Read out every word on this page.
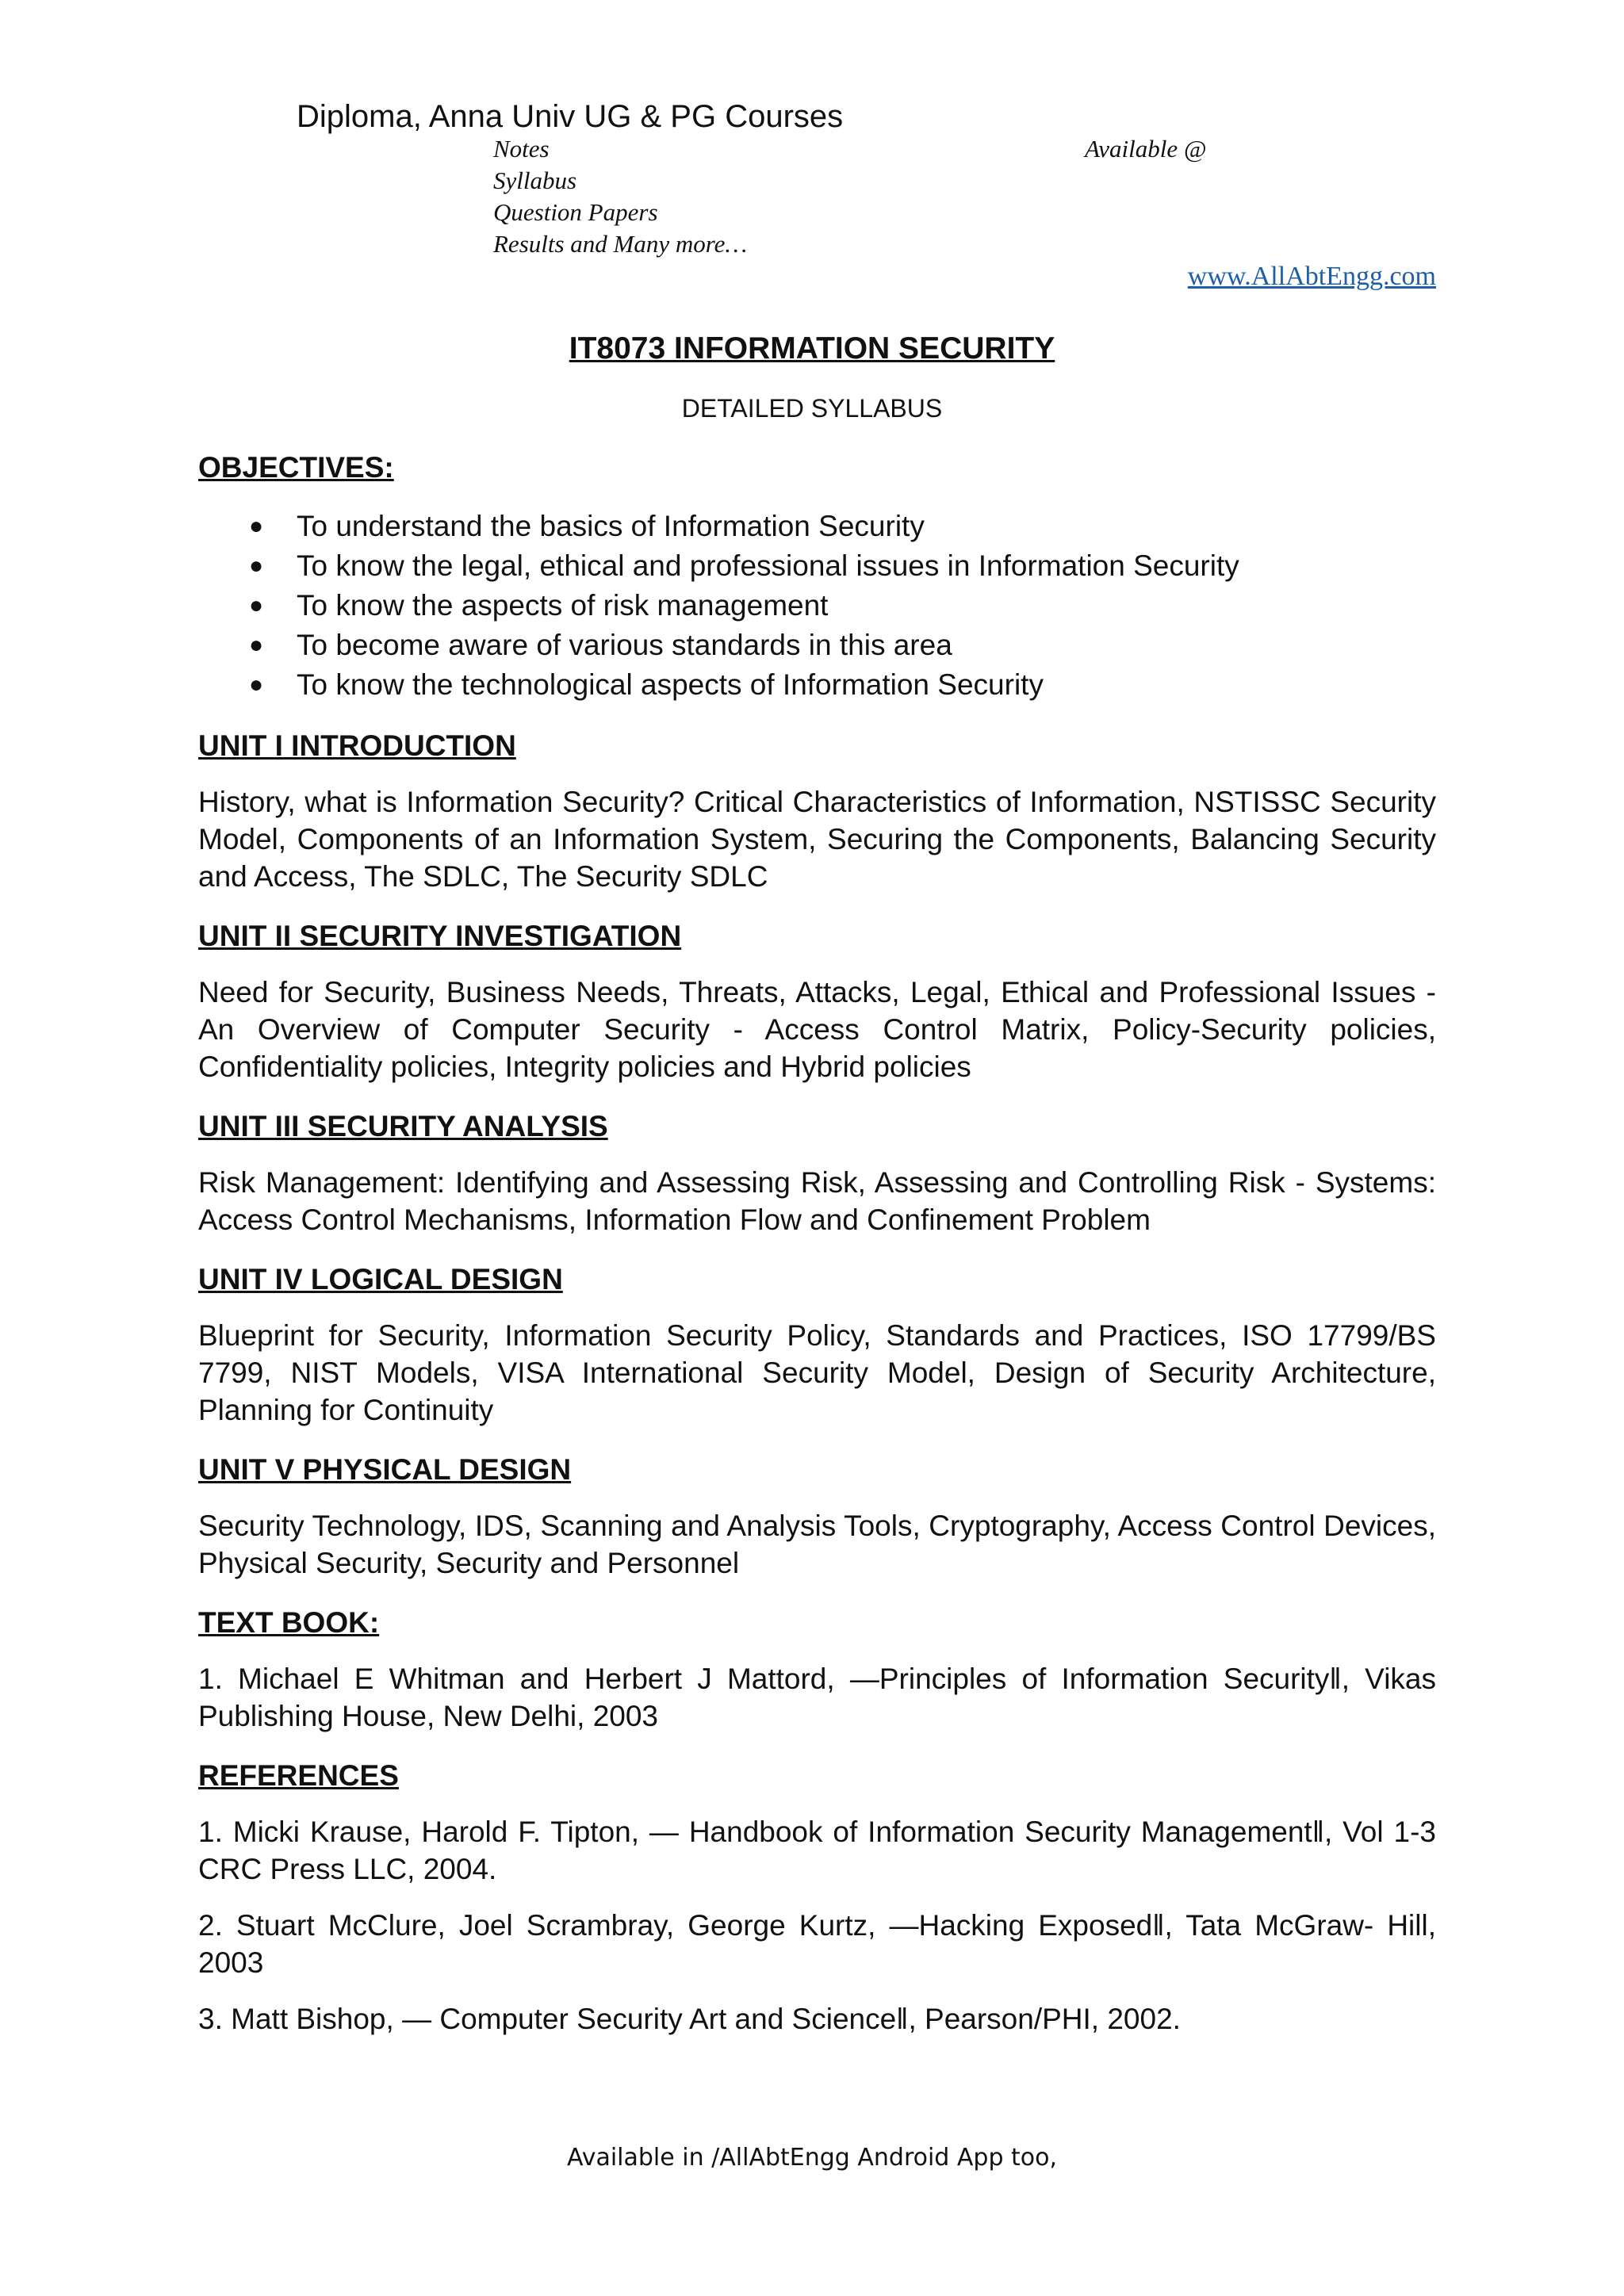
Diploma, Anna Univ UG & PG Courses
Notes
Syllabus
Question Papers
Results and Many more…
Available @
www.AllAbtEngg.com
IT8073 INFORMATION SECURITY
DETAILED SYLLABUS
OBJECTIVES:
● To understand the basics of Information Security
● To know the legal, ethical and professional issues in Information Security
● To know the aspects of risk management
● To become aware of various standards in this area
● To know the technological aspects of Information Security
UNIT I INTRODUCTION

History, what is Information Security? Critical Characteristics of Information, NSTISSC Security Model, Components of an Information System, Securing the Components, Balancing Security and Access, The SDLC, The Security SDLC

UNIT II SECURITY INVESTIGATION

Need for Security, Business Needs, Threats, Attacks, Legal, Ethical and Professional Issues - An Overview of Computer Security - Access Control Matrix, Policy-Security policies, Confidentiality policies, Integrity policies and Hybrid policies

UNIT III SECURITY ANALYSIS

Risk Management: Identifying and Assessing Risk, Assessing and Controlling Risk - Systems: Access Control Mechanisms, Information Flow and Confinement Problem

UNIT IV LOGICAL DESIGN

Blueprint for Security, Information Security Policy, Standards and Practices, ISO 17799/BS 7799, NIST Models, VISA International Security Model, Design of Security Architecture, Planning for Continuity

UNIT V PHYSICAL DESIGN

Security Technology, IDS, Scanning and Analysis Tools, Cryptography, Access Control Devices, Physical Security, Security and Personnel

TEXT BOOK:

1. Michael E Whitman and Herbert J Mattord, ―Principles of Information Security‖, Vikas Publishing House, New Delhi, 2003

REFERENCES

1. Micki Krause, Harold F. Tipton, ― Handbook of Information Security Management‖, Vol 1-3 CRC Press LLC, 2004.

2. Stuart McClure, Joel Scrambray, George Kurtz, ―Hacking Exposed‖, Tata McGraw- Hill, 2003

3. Matt Bishop, ― Computer Security Art and Science‖, Pearson/PHI, 2002.

Available in /AllAbtEngg Android App too,
